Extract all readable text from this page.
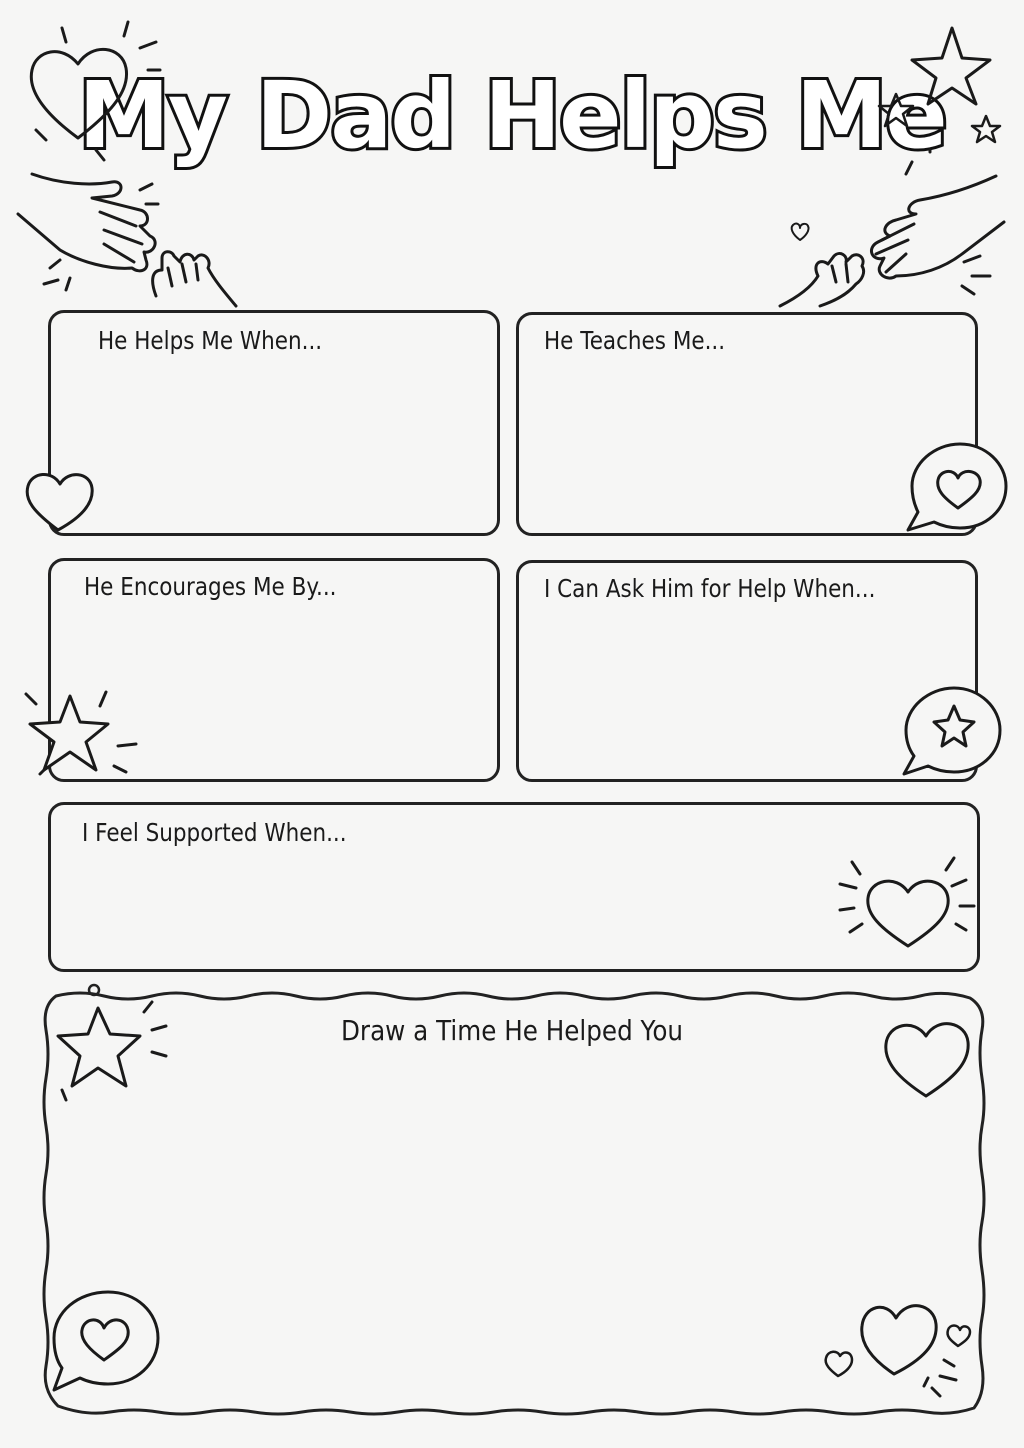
My Dad Helps Me
He Helps Me When...	He Teaches Me...
He Encourages Me By...	I Can Ask Him for Help When...
I Feel Supported When...
Draw a Time He Helped You
